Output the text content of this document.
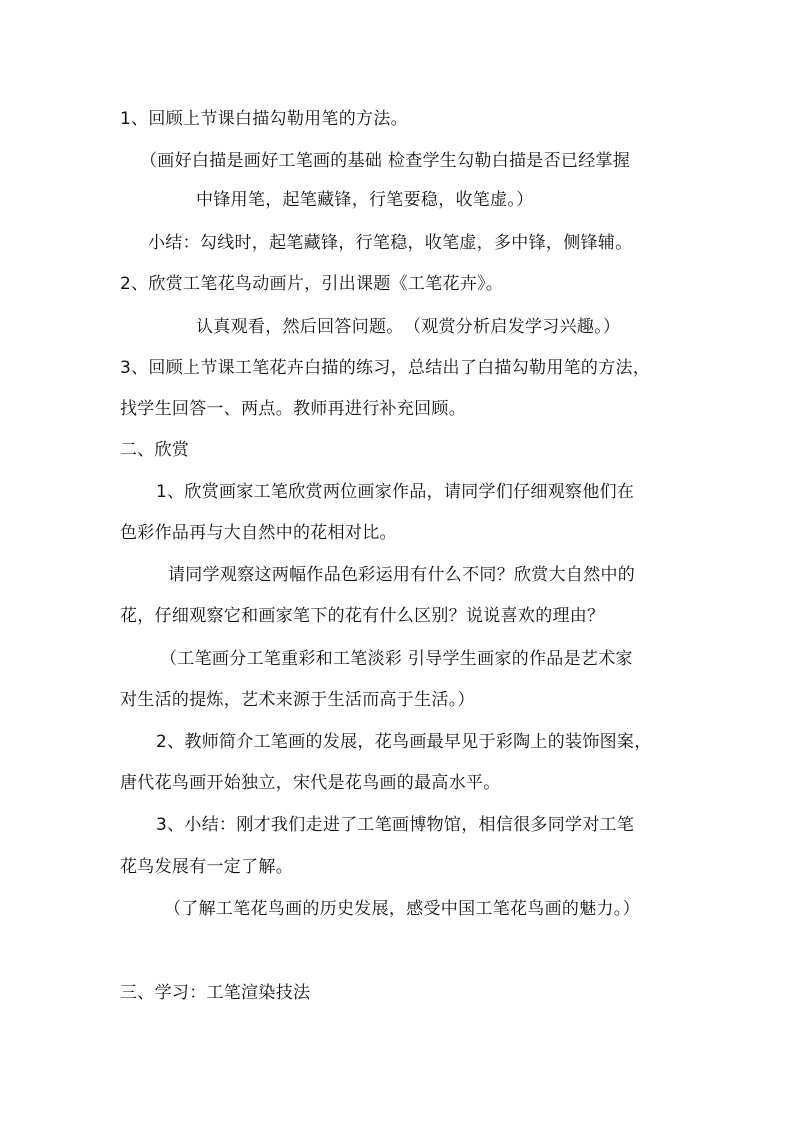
1、回顾上节课白描勾勒用笔的方法。
（画好白描是画好工笔画的基础 检查学生勾勒白描是否已经掌握
中锋用笔，起笔藏锋，行笔要稳，收笔虚。）
小结：勾线时，起笔藏锋，行笔稳，收笔虚，多中锋，侧锋辅。
2、欣赏工笔花鸟动画片，引出课题《工笔花卉》。
认真观看，然后回答问题。　（观赏分析启发学习兴趣。）
3、回顾上节课工笔花卉白描的练习，总结出了白描勾勒用笔的方法，
找学生回答一、两点。教师再进行补充回顾。
二、欣赏
1、欣赏画家工笔欣赏两位画家作品，请同学们仔细观察他们在
色彩作品再与大自然中的花相对比。
请同学观察这两幅作品色彩运用有什么不同？欣赏大自然中的
花，仔细观察它和画家笔下的花有什么区别？说说喜欢的理由？
（工笔画分工笔重彩和工笔淡彩 引导学生画家的作品是艺术家
对生活的提炼，艺术来源于生活而高于生活。）
2、教师简介工笔画的发展，花鸟画最早见于彩陶上的装饰图案，
唐代花鸟画开始独立，宋代是花鸟画的最高水平。
3、小结：刚才我们走进了工笔画博物馆，相信很多同学对工笔
花鸟发展有一定了解。
（了解工笔花鸟画的历史发展，感受中国工笔花鸟画的魅力。）
三、学习：工笔渲染技法
